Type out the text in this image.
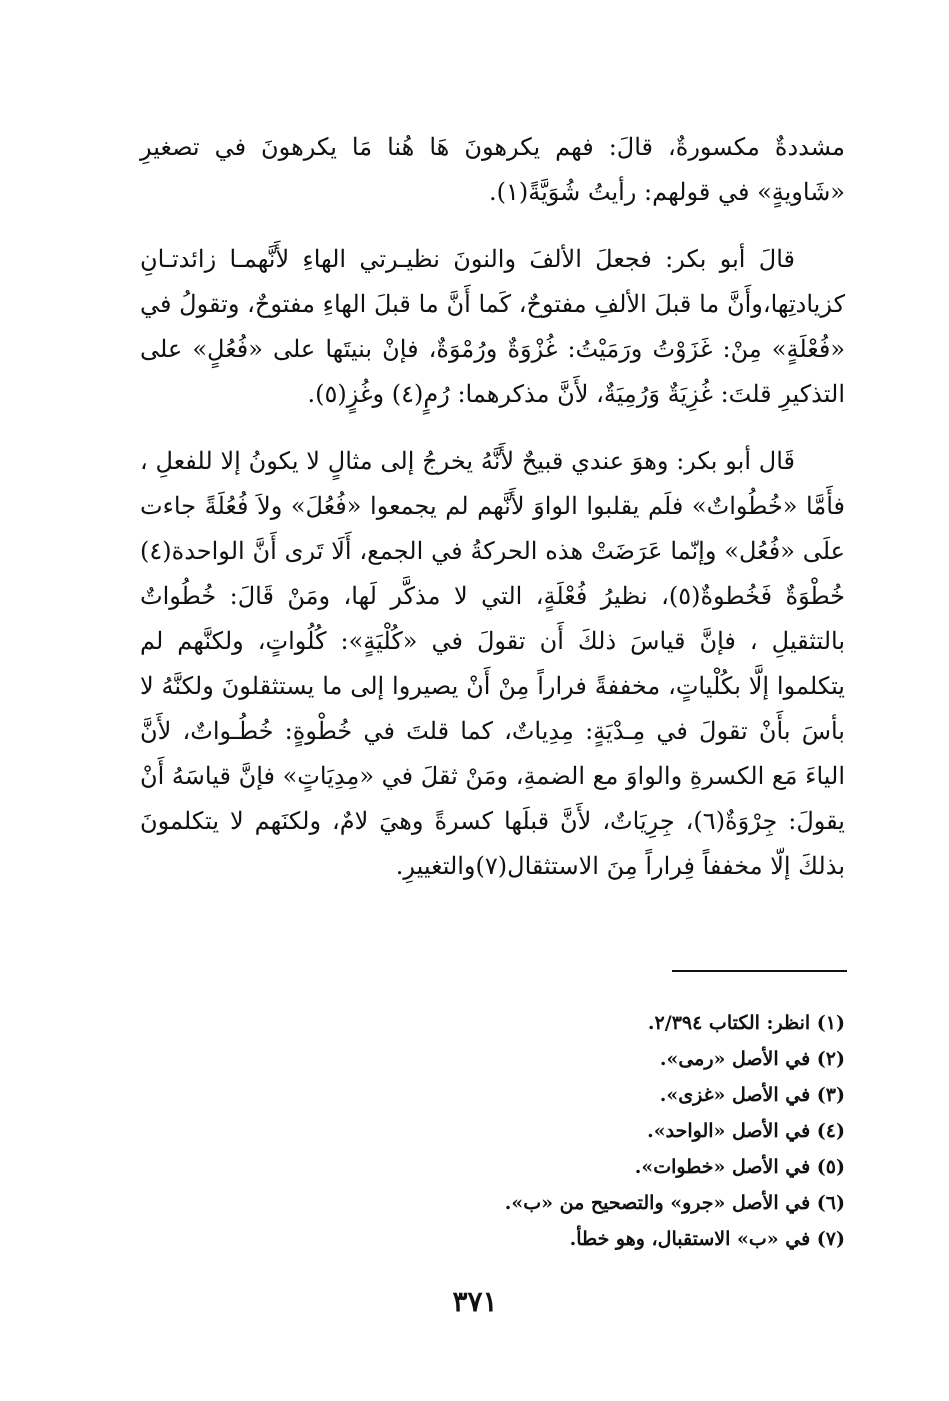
مشددةٌ مكسورةٌ، قالَ: فهم يكرهونَ هَا هُنا مَا يكرهونَ في تصغيرِ «شَاويةٍ» في قولهم: رأيتُ شُوَيَّةً(١).

قالَ أبو بكر: فجعلَ الألفَ والنونَ نظيـرتي الهاءِ لأَنَّهمـا زائدتـانِ كزيادتِها،وأَنَّ ما قبلَ الألفِ مفتوحٌ، كَما أَنَّ ما قبلَ الهاءِ مفتوحٌ، وتقولُ في «فُعْلَةٍ» مِنْ: غَزَوْتُ ورَمَيْتُ: غُزْوَةٌ ورُمْوَةٌ، فإنْ بنيتَها على «فُعُلٍ» على التذكيرِ قلتَ: غُزِيَةٌ وَرُمِيَةٌ، لأَنَّ مذكرهما: رُمٍ(٤) وغُزٍ(٥).

قَال أبو بكر: وهوَ عندي قبيحٌ لأَنَّهُ يخرجُ إلى مثالٍ لا يكونُ إلا للفعلِ ، فأَمَّا «خُطُواتٌ» فلَم يقلبوا الواوَ لأَنَّهم لم يجمعوا «فُعُلَ» ولاَ فُعُلَةً جاءت علَى «فُعُل» وإنّما عَرَضَتْ هذه الحركةُ في الجمع، أَلَا تَرى أَنَّ الواحدة(٤) خُطْوَةٌ فَخُطوةٌ(٥)، نظيرُ فُعْلَةٍ، التي لا مذكَّر لَها، ومَنْ قَالَ: خُطُواتٌ بالتثقيلِ ، فإنَّ قياسَ ذلكَ أَن تقولَ في «كُلْيَةٍ»: كُلُواتٍ، ولكنَّهم لم يتكلموا إلَّا بكُلْياتٍ، مخففةً فراراً مِنْ أَنْ يصيروا إلى ما يستثقلونَ ولكنَّهُ لا بأسَ بأَنْ تقولَ في مِـدْيَةٍ: مِدِياتٌ، كما قلتَ في خُطْوةٍ: خُطُـواتٌ، لأَنَّ الياءَ مَع الكسرةِ والواوَ مع الضمةِ، ومَنْ ثقلَ في «مِدِيَاتٍ» فإنَّ قياسَهُ أَنْ يقولَ: جِرْوَةٌ(٦)، جِرِيَاتٌ، لأَنَّ قبلَها كسرةً وهيَ لامٌ، ولكنَهم لا يتكلمونَ بذلكَ إلّا مخففاً فِراراً مِنَ الاستثقال(٧)والتغييرِ.

(١) انظر: الكتاب ٢/٣٩٤.

(٢) في الأصل «رمى».

(٣) في الأصل «غزى».

(٤) في الأصل «الواحد».

(٥) في الأصل «خطوات».

(٦) في الأصل «جرو» والتصحيح من «ب».

(٧) في «ب» الاستقبال، وهو خطأ.

٣٧١
